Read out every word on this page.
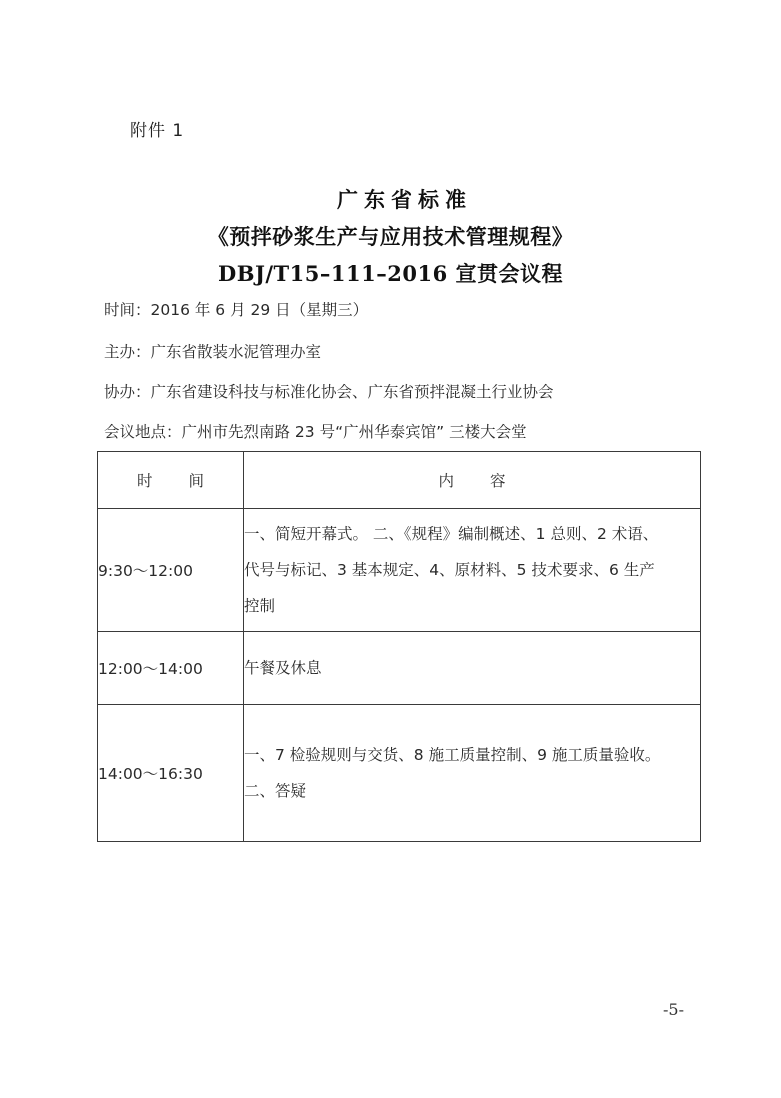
附件 1
广东省标准
《预拌砂浆生产与应用技术管理规程》
DBJ/T15–111–2016 宣贯会议程
时间：2016 年 6 月 29 日（星期三）
主办：广东省散装水泥管理办室
协办：广东省建设科技与标准化协会、广东省预拌混凝土行业协会
会议地点：广州市先烈南路 23 号“广州华泰宾馆” 三楼大会堂
时 间	内 容
9:30～12:00	一、简短开幕式。 二、《规程》编制概述、1 总则、2 术语、
代号与标记、3 基本规定、4、原材料、5 技术要求、6 生产
控制

12:00～14:00	午餐及休息

14:00～16:30	一、7 检验规则与交货、8 施工质量控制、9 施工质量验收。
二、答疑
-5-
